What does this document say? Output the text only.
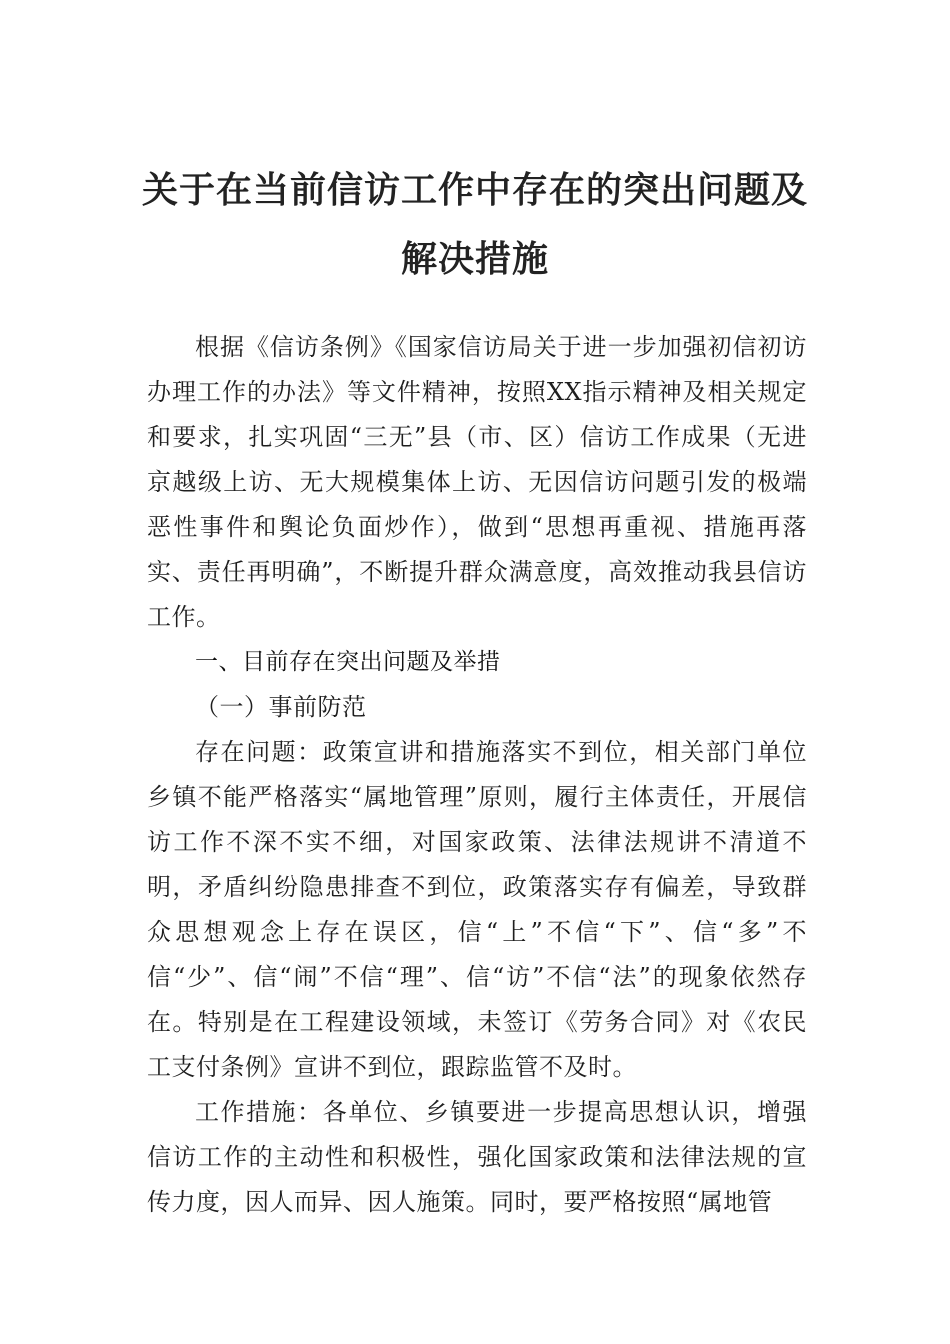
关于在当前信访工作中存在的突出问题及
解决措施

根据《信访条例》《国家信访局关于进一步加强初信初访办理工作的办法》等文件精神，按照XX指示精神及相关规定和要求，扎实巩固“三无”县（市、区）信访工作成果（无进京越级上访、无大规模集体上访、无因信访问题引发的极端恶性事件和舆论负面炒作），做到“思想再重视、措施再落实、责任再明确”，不断提升群众满意度，高效推动我县信访工作。

一、目前存在突出问题及举措

（一）事前防范

存在问题：政策宣讲和措施落实不到位，相关部门单位乡镇不能严格落实“属地管理”原则，履行主体责任，开展信访工作不深不实不细，对国家政策、法律法规讲不清道不明，矛盾纠纷隐患排查不到位，政策落实存有偏差，导致群众思想观念上存在误区，信“上”不信“下”、信“多”不信“少”、信“闹”不信“理”、信“访”不信“法”的现象依然存在。特别是在工程建设领域，未签订《劳务合同》对《农民工支付条例》宣讲不到位，跟踪监管不及时。

工作措施：各单位、乡镇要进一步提高思想认识，增强信访工作的主动性和积极性，强化国家政策和法律法规的宣传力度，因人而异、因人施策。同时，要严格按照“属地管
